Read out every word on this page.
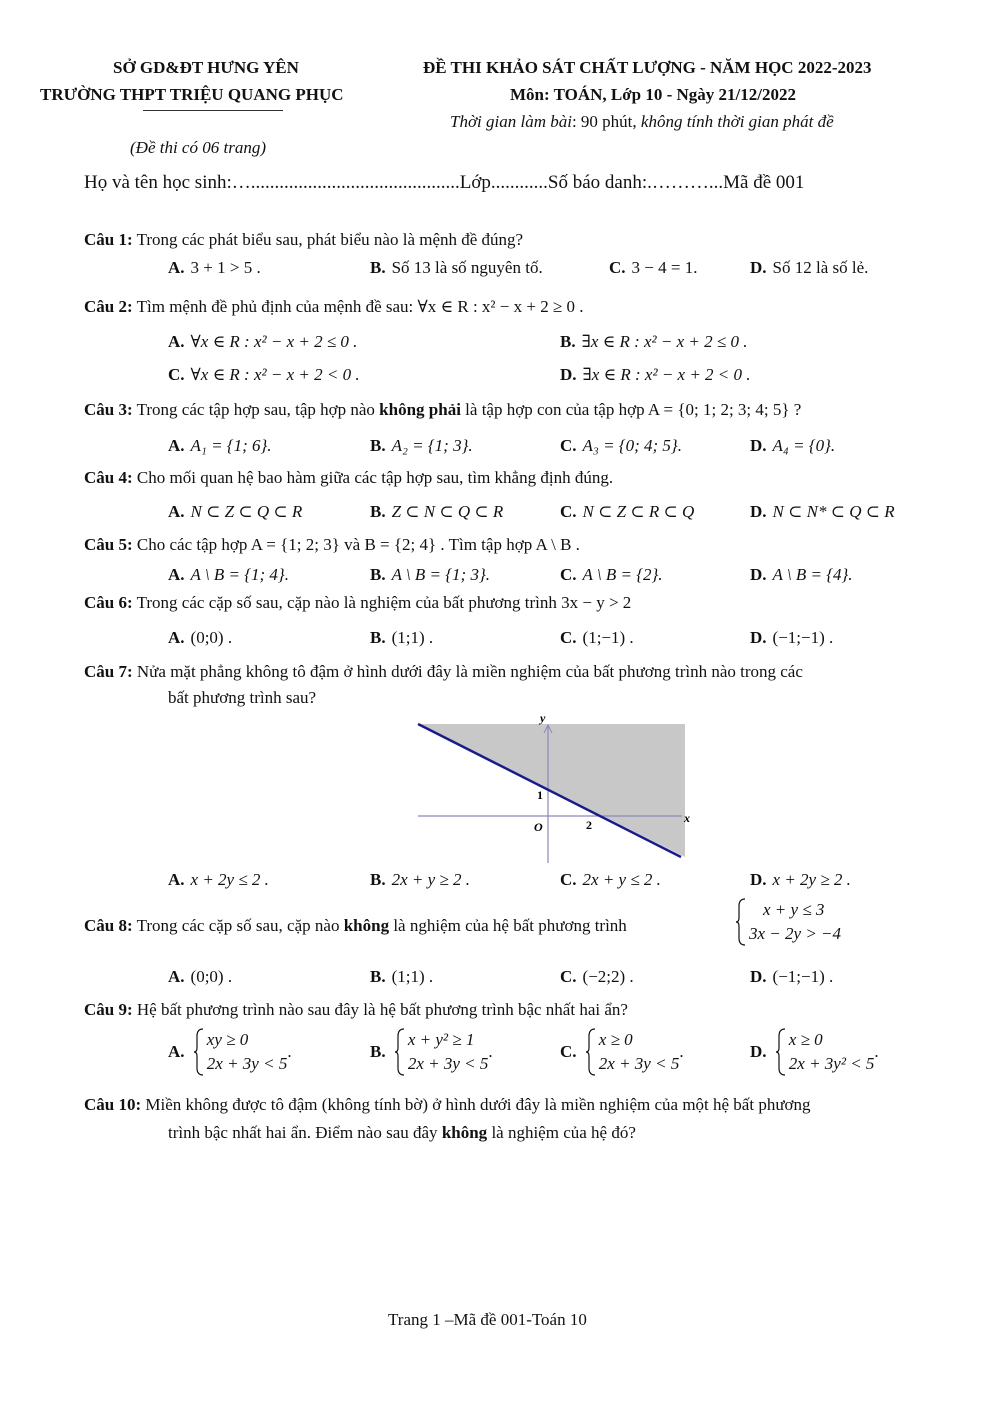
SỞ GD&ĐT HƯNG YÊN
TRƯỜNG THPT TRIỆU QUANG PHỤC
ĐỀ THI KHẢO SÁT CHẤT LƯỢNG - NĂM HỌC 2022-2023
Môn: TOÁN, Lớp 10 - Ngày 21/12/2022
Thời gian làm bài: 90 phút, không tính thời gian phát đề
(Đề thi có 06 trang)
Họ và tên học sinh:…............................................Lớp............Số báo danh:.………...Mã đề 001
Câu 1: Trong các phát biểu sau, phát biểu nào là mệnh đề đúng?
A. 3 + 1 > 5 .	B. Số 13 là số nguyên tố.	C. 3 − 4 = 1.	D. Số 12 là số lẻ.
Câu 2: Tìm mệnh đề phủ định của mệnh đề sau: ∀x ∈ R : x² − x + 2 ≥ 0 .
A. ∀x ∈ R : x² − x + 2 ≤ 0 .	B. ∃x ∈ R : x² − x + 2 ≤ 0 .
C. ∀x ∈ R : x² − x + 2 < 0 .	D. ∃x ∈ R : x² − x + 2 < 0 .
Câu 3: Trong các tập hợp sau, tập hợp nào không phải là tập hợp con của tập hợp A = {0; 1; 2; 3; 4; 5} ?
A. A₁ = {1; 6}.	B. A₂ = {1; 3}.	C. A₃ = {0; 4; 5}.	D. A₄ = {0}.
Câu 4: Cho mối quan hệ bao hàm giữa các tập hợp sau, tìm khẳng định đúng.
A. N ⊂ Z ⊂ Q ⊂ R	B. Z ⊂ N ⊂ Q ⊂ R	C. N ⊂ Z ⊂ R ⊂ Q	D. N ⊂ N* ⊂ Q ⊂ R
Câu 5: Cho các tập hợp A = {1; 2; 3} và B = {2; 4} . Tìm tập hợp A \ B .
A. A \ B = {1; 4}.	B. A \ B = {1; 3}.	C. A \ B = {2}.	D. A \ B = {4}.
Câu 6: Trong các cặp số sau, cặp nào là nghiệm của bất phương trình 3x − y > 2
A. (0;0) .	B. (1;1) .	C. (1;−1) .	D. (−1;−1) .
Câu 7: Nửa mặt phẳng không tô đậm ở hình dưới đây là miền nghiệm của bất phương trình nào trong các
bất phương trình sau?
y
x
O
1
2
A. x + 2y ≤ 2 .	B. 2x + y ≥ 2 .	C. 2x + y ≤ 2 .	D. x + 2y ≥ 2 .
Câu 8: Trong các cặp số sau, cặp nào không là nghiệm của hệ bất phương trình
x + y ≤ 3
3x − 2y > −4
A. (0;0) .	B. (1;1) .	C. (−2;2) .	D. (−1;−1) .
Câu 9: Hệ bất phương trình nào sau đây là hệ bất phương trình bậc nhất hai ẩn?
A.
xy ≥ 0
2x + 3y < 5
.	B.
x + y² ≥ 1
2x + 3y < 5
.	C.
x ≥ 0
2x + 3y < 5
.	D.
x ≥ 0
2x + 3y² < 5
.
Câu 10: Miền không được tô đậm (không tính bờ) ở hình dưới đây là miền nghiệm của một hệ bất phương
trình bậc nhất hai ẩn. Điểm nào sau đây không là nghiệm của hệ đó?
Trang 1 –Mã đề 001-Toán 10
